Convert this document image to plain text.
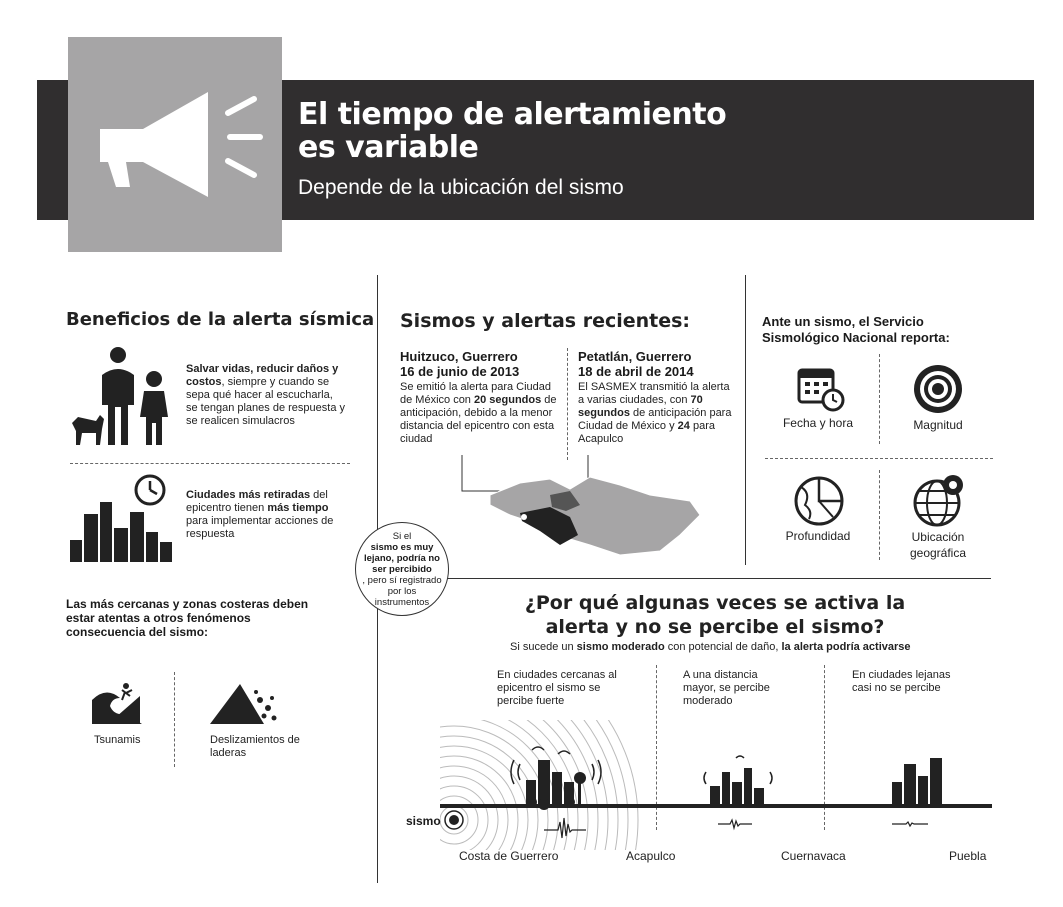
El tiempo de alertamiento
es variable
Depende de la ubicación del sismo
Beneficios de la alerta sísmica
Salvar vidas, reducir daños y costos, siempre y cuando se sepa qué hacer al escucharla, se tengan planes de respuesta y se realicen simulacros
Ciudades más retiradas del epicentro tienen más tiempo para implementar acciones de respuesta
Las más cercanas y zonas costeras deben estar atentas a otros fenómenos consecuencia del sismo:
Tsunamis	Deslizamientos de laderas
Sismos y alertas recientes:
Huitzuco, Guerrero
16 de junio de 2013
Se emitió la alerta para Ciudad de México con 20 segundos de anticipación, debido a la menor distancia del epicentro con esta ciudad
Petatlán, Guerrero
18 de abril de 2014
El SASMEX transmitió la alerta a varias ciudades, con 70 segundos de anticipación para Ciudad de México y 24 para Acapulco
Si el
sismo es muy lejano, podría no ser percibido
, pero sí registrado por los instrumentos
Ante un sismo, el Servicio Sismológico Nacional reporta:
Fecha y hora	Magnitud
Profundidad	Ubicación geográfica
¿Por qué algunas veces se activa la
alerta y no se percibe el sismo?
Si sucede un sismo moderado con potencial de daño, la alerta podría activarse
En ciudades cercanas al epicentro el sismo se percibe fuerte
A una distancia mayor, se percibe moderado
En ciudades lejanas casi no se percibe
sismo
Costa de Guerrero	Acapulco	Cuernavaca	Puebla
